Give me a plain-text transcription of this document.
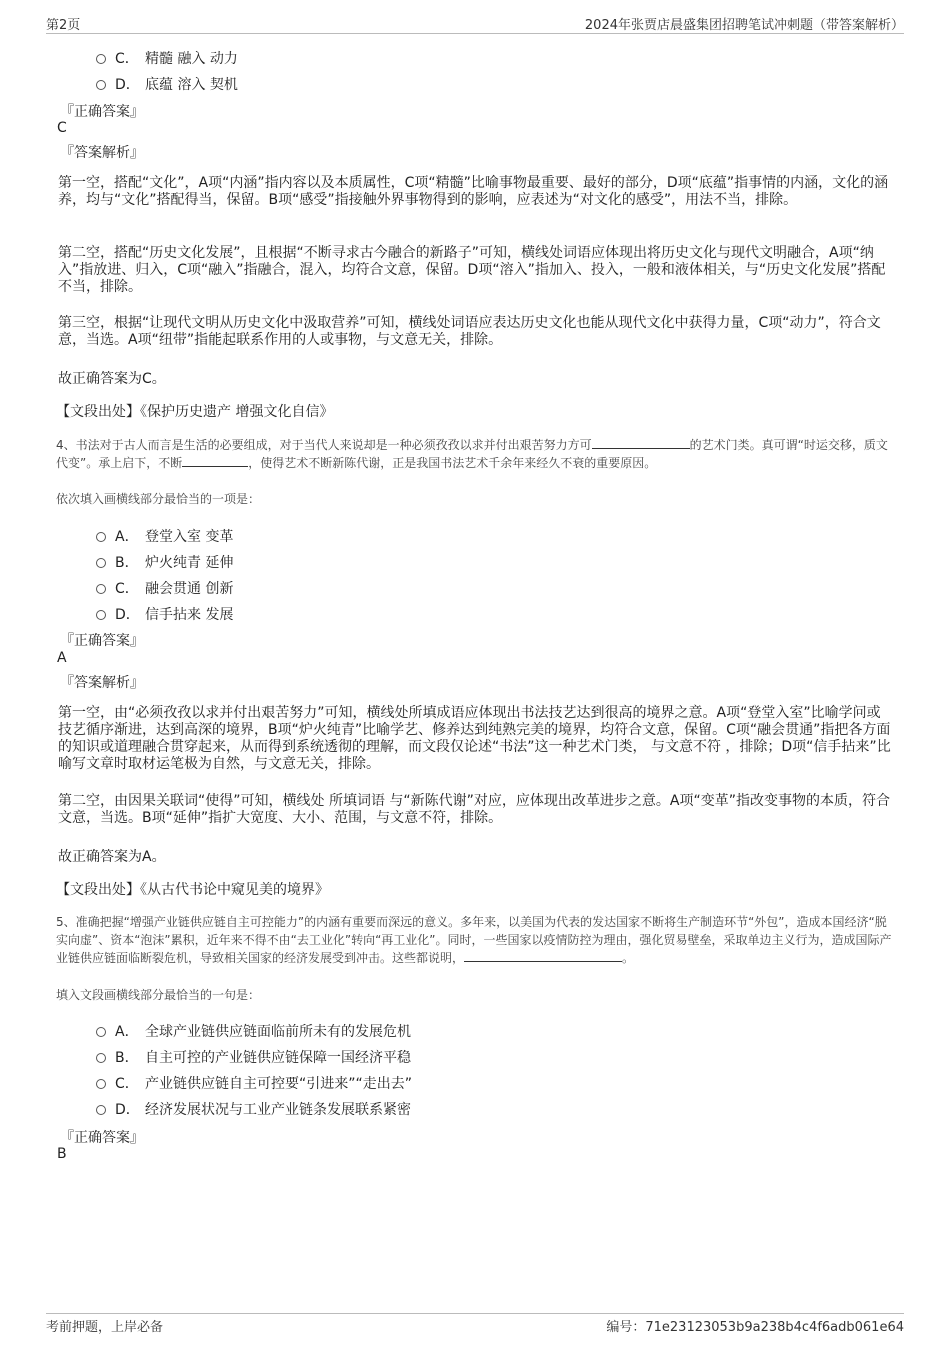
第2页	2024年张贾店晨盛集团招聘笔试冲刺题（带答案解析）
C． 精髓 融入 动力
D． 底蕴 溶入 契机
『正确答案』
C
『答案解析』
第一空，搭配“文化”，A项“内涵”指内容以及本质属性，C项“精髓”比喻事物最重要、最好的部分，D项“底蕴”指事情的内涵，文化的涵养，均与“文化”搭配得当，保留。B项“感受”指接触外界事物得到的影响，应表述为“对文化的感受”，用法不当，排除。
第二空，搭配“历史文化发展”，且根据“不断寻求古今融合的新路子”可知，横线处词语应体现出将历史文化与现代文明融合，A项“纳入”指放进、归入，C项“融入”指融合，混入，均符合文意，保留。D项“溶入”指加入、投入，一般和液体相关，与“历史文化发展”搭配不当，排除。
第三空，根据“让现代文明从历史文化中汲取营养”可知，横线处词语应表达历史文化也能从现代文化中获得力量，C项“动力”，符合文意，当选。A项“纽带”指能起联系作用的人或事物，与文意无关，排除。
故正确答案为C。
【文段出处】《保护历史遗产 增强文化自信》
4、书法对于古人而言是生活的必要组成，对于当代人来说却是一种必须孜孜以求并付出艰苦努力方可	的艺术门类。真可谓“时运交移，质文代变”。承上启下，不断	，使得艺术不断新陈代谢，正是我国书法艺术千余年来经久不衰的重要原因。
依次填入画横线部分最恰当的一项是：
A． 登堂入室 变革
B． 炉火纯青 延伸
C． 融会贯通 创新
D． 信手拈来 发展
『正确答案』
A
『答案解析』
第一空，由“必须孜孜以求并付出艰苦努力”可知，横线处所填成语应体现出书法技艺达到很高的境界之意。A项“登堂入室”比喻学问或技艺循序渐进，达到高深的境界，B项“炉火纯青”比喻学艺、修养达到纯熟完美的境界，均符合文意，保留。C项“融会贯通”指把各方面的知识或道理融合贯穿起来，从而得到系统透彻的理解，而文段仅论述“书法”这一种艺术门类， 与文意不符 ，排除；D项“信手拈来”比喻写文章时取材运笔极为自然，与文意无关，排除。
第二空，由因果关联词“使得”可知，横线处 所填词语 与“新陈代谢”对应，应体现出改革进步之意。A项“变革”指改变事物的本质，符合文意，当选。B项“延伸”指扩大宽度、大小、范围，与文意不符，排除。
故正确答案为A。
【文段出处】《从古代书论中窥见美的境界》
5、准确把握“增强产业链供应链自主可控能力”的内涵有重要而深远的意义。多年来，以美国为代表的发达国家不断将生产制造环节“外包”，造成本国经济“脱实向虚”、资本“泡沫”累积，近年来不得不由“去工业化”转向“再工业化”。同时，一些国家以疫情防控为理由，强化贸易壁垒，采取单边主义行为，造成国际产业链供应链面临断裂危机，导致相关国家的经济发展受到冲击。这些都说明，	。
填入文段画横线部分最恰当的一句是：
A． 全球产业链供应链面临前所未有的发展危机
B． 自主可控的产业链供应链保障一国经济平稳
C． 产业链供应链自主可控要“引进来”“走出去”
D． 经济发展状况与工业产业链条发展联系紧密
『正确答案』
B
考前押题，上岸必备	编号：71e23123053b9a238b4c4f6adb061e64
